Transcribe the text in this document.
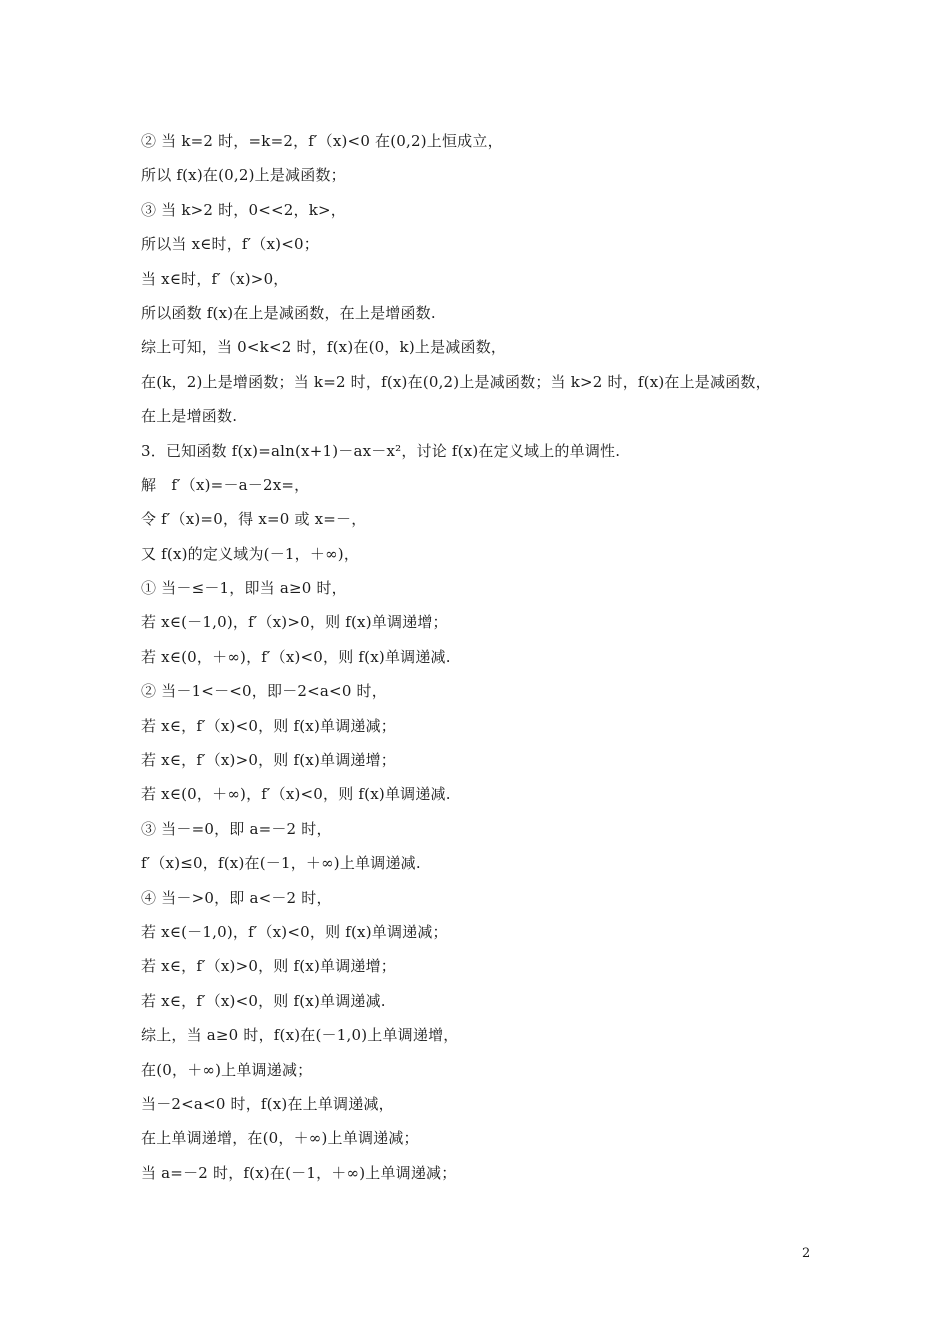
② 当 k=2 时，=k=2，f′（x)<0 在(0,2)上恒成立，
所以 f(x)在(0,2)上是减函数；
③ 当 k>2 时，0<<2，k>，
所以当 x∈时，f′（x)<0；
当 x∈时，f′（x)>0，
所以函数 f(x)在上是减函数，在上是增函数.
综上可知，当 0<k<2 时，f(x)在(0，k)上是减函数，
在(k，2)上是增函数；当 k=2 时，f(x)在(0,2)上是减函数；当 k>2 时，f(x)在上是减函数，
在上是增函数.
3．已知函数 f(x)=aln(x+1)－ax－x²，讨论 f(x)在定义域上的单调性.
解　f′（x)=－a－2x=，
令 f′（x)=0，得 x=0 或 x=－，
又 f(x)的定义域为(－1，＋∞)，
① 当－≤－1，即当 a≥0 时，
若 x∈(－1,0)，f′（x)>0，则 f(x)单调递增；
若 x∈(0，＋∞)，f′（x)<0，则 f(x)单调递减.
② 当－1<－<0，即－2<a<0 时，
若 x∈，f′（x)<0，则 f(x)单调递减；
若 x∈，f′（x)>0，则 f(x)单调递增；
若 x∈(0，＋∞)，f′（x)<0，则 f(x)单调递减.
③ 当－=0，即 a=－2 时，
f′（x)≤0，f(x)在(－1，＋∞)上单调递减.
④ 当－>0，即 a<－2 时，
若 x∈(－1,0)，f′（x)<0，则 f(x)单调递减；
若 x∈，f′（x)>0，则 f(x)单调递增；
若 x∈，f′（x)<0，则 f(x)单调递减.
综上，当 a≥0 时，f(x)在(－1,0)上单调递增，
在(0，＋∞)上单调递减；
当－2<a<0 时，f(x)在上单调递减，
在上单调递增，在(0，＋∞)上单调递减；
当 a=－2 时，f(x)在(－1，＋∞)上单调递减；
2
